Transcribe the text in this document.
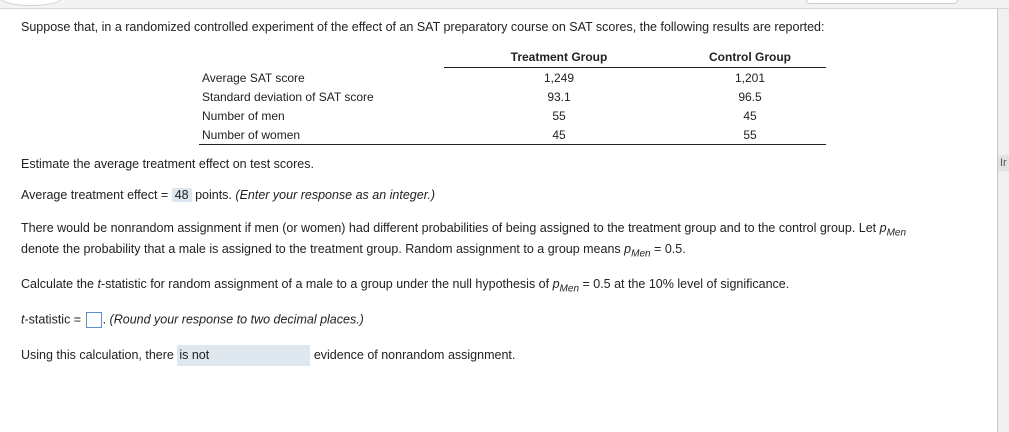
Ir
Suppose that, in a randomized controlled experiment of the effect of an SAT preparatory course on SAT scores, the following results are reported:
	Treatment Group	Control Group
Average SAT score	1,249	1,201
Standard deviation of SAT score	93.1	96.5
Number of men	55	45
Number of women	45	55
Estimate the average treatment effect on test scores.
Average treatment effect = 48 points. (Enter your response as an integer.)
There would be nonrandom assignment if men (or women) had different probabilities of being assigned to the treatment group and to the control group. Let $p_{Men}$
denote the probability that a male is assigned to the treatment group. Random assignment to a group means $p_{Men} = 0.5$.
Calculate the t-statistic for random assignment of a male to a group under the null hypothesis of $p_{Men} = 0.5$ at the 10% level of significance.
t-statistic = . (Round your response to two decimal places.)
Using this calculation, there is not	evidence of nonrandom assignment.
